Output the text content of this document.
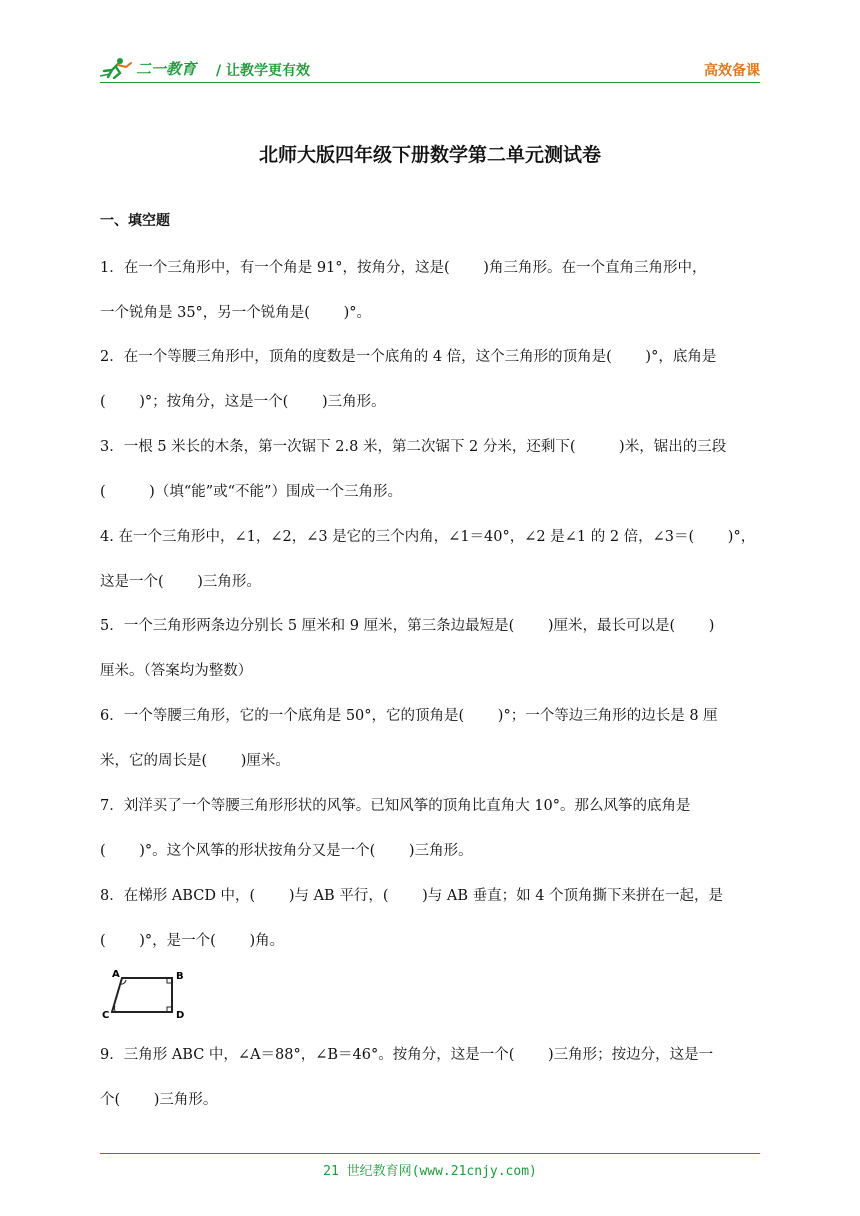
二一教育 / 让教学更有效	高效备课
北师大版四年级下册数学第二单元测试卷
一、填空题
1．在一个三角形中，有一个角是 91°，按角分，这是(　　 )角三角形。在一个直角三角形中，
一个锐角是 35°，另一个锐角是(　　 )°。
2．在一个等腰三角形中，顶角的度数是一个底角的 4 倍，这个三角形的顶角是(　　 )°，底角是
(　　 )°；按角分，这是一个(　　 )三角形。
3．一根 5 米长的木条，第一次锯下 2.8 米，第二次锯下 2 分米，还剩下(　　　)米，锯出的三段
(　　　)（填“能”或“不能”）围成一个三角形。
4. 在一个三角形中，∠1，∠2，∠3 是它的三个内角，∠1＝40°，∠2 是∠1 的 2 倍，∠3＝(　　 )°，
这是一个(　　 )三角形。
5．一个三角形两条边分别长 5 厘米和 9 厘米，第三条边最短是(　　 )厘米，最长可以是(　　 )
厘米。（答案均为整数）
6．一个等腰三角形，它的一个底角是 50°，它的顶角是(　　 )°；一个等边三角形的边长是 8 厘
米，它的周长是(　　 )厘米。
7．刘洋买了一个等腰三角形形状的风筝。已知风筝的顶角比直角大 10°。那么风筝的底角是
(　　 )°。这个风筝的形状按角分又是一个(　　 )三角形。
8．在梯形 ABCD 中，(　　 )与 AB 平行，(　　 )与 AB 垂直；如 4 个顶角撕下来拼在一起，是
(　　 )°，是一个(　　 )角。
A	B
C	D
9．三角形 ABC 中，∠A＝88°，∠B＝46°。按角分，这是一个(　　 )三角形；按边分，这是一
个(　　 )三角形。
21 世纪教育网(www.21cnjy.com)
